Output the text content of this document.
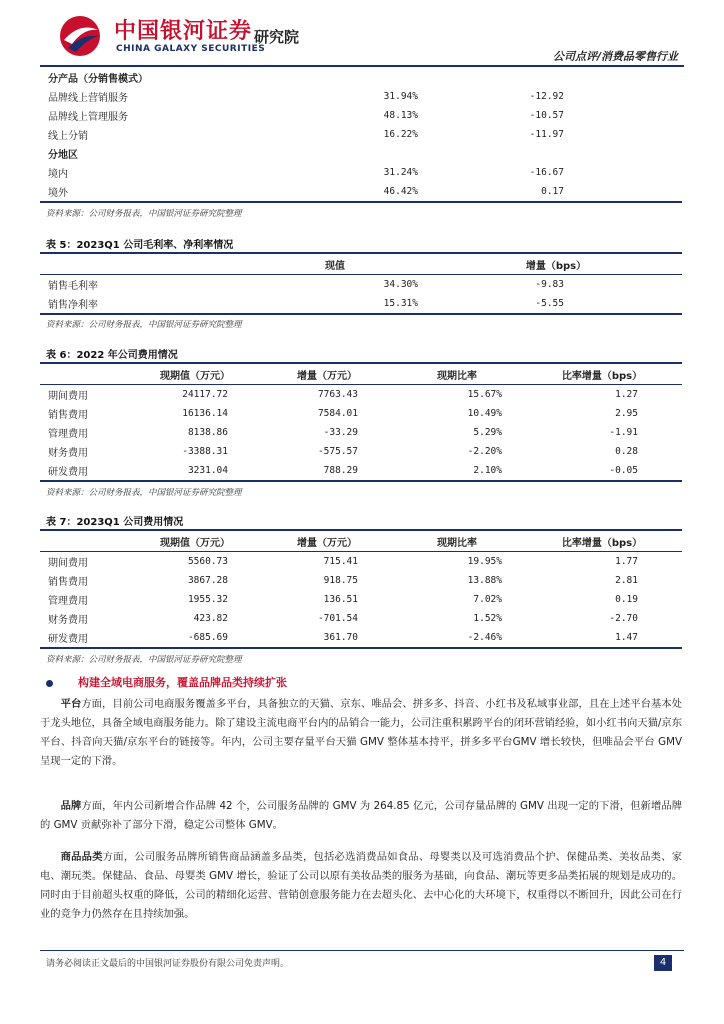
中国银河证券
CHINA GALAXY SECURITIES
研究院
公司点评/消费品零售行业
分产品（分销售模式）		
品牌线上营销服务	31.94%	-12.92
品牌线上管理服务	48.13%	-10.57
线上分销	16.22%	-11.97
分地区		
境内	31.24%	-16.67
境外	46.42%	0.17
资料来源：公司财务报表，中国银河证券研究院整理
表 5：2023Q1 公司毛利率、净利率情况
	现值	增量（bps）
销售毛利率	34.30%	-9.83
销售净利率	15.31%	-5.55
资料来源：公司财务报表，中国银河证券研究院整理
表 6：2022 年公司费用情况
	现期值（万元）	增量（万元）	现期比率	比率增量（bps）
期间费用	24117.72	7763.43	15.67%	1.27
销售费用	16136.14	7584.01	10.49%	2.95
管理费用	8138.86	-33.29	5.29%	-1.91
财务费用	-3388.31	-575.57	-2.20%	0.28
研发费用	3231.04	788.29	2.10%	-0.05
资料来源：公司财务报表，中国银河证券研究院整理
表 7：2023Q1 公司费用情况
	现期值（万元）	增量（万元）	现期比率	比率增量（bps）
期间费用	5560.73	715.41	19.95%	1.77
销售费用	3867.28	918.75	13.88%	2.81
管理费用	1955.32	136.51	7.02%	0.19
财务费用	423.82	-701.54	1.52%	-2.70
研发费用	-685.69	361.70	-2.46%	1.47
资料来源：公司财务报表，中国银河证券研究院整理
构建全域电商服务，覆盖品牌品类持续扩张
平台方面，目前公司电商服务覆盖多平台，具备独立的天猫、京东、唯品会、拼多多、抖音、小红书及私域事业部，且在上述平台基本处于龙头地位，具备全域电商服务能力。除了建设主流电商平台内的品销合一能力，公司注重积累跨平台的闭环营销经验，如小红书向天猫/京东平台、抖音向天猫/京东平台的链接等。年内，公司主要存量平台天猫 GMV 整体基本持平，拼多多平台GMV 增长较快，但唯品会平台 GMV 呈现一定的下滑。
品牌方面，年内公司新增合作品牌 42 个，公司服务品牌的 GMV 为 264.85 亿元，公司存量品牌的 GMV 出现一定的下滑，但新增品牌的 GMV 贡献弥补了部分下滑，稳定公司整体 GMV。
商品品类方面，公司服务品牌所销售商品涵盖多品类，包括必选消费品如食品、母婴类以及可选消费品个护、保健品类、美妆品类、家电、潮玩类。保健品、食品、母婴类 GMV 增长，验证了公司以原有美妆品类的服务为基础，向食品、潮玩等更多品类拓展的规划是成功的。同时由于目前超头权重的降低，公司的精细化运营、营销创意服务能力在去超头化、去中心化的大环境下，权重得以不断回升，因此公司在行业的竞争力仍然存在且持续加强。
请务必阅读正文最后的中国银河证券股份有限公司免责声明。	4
